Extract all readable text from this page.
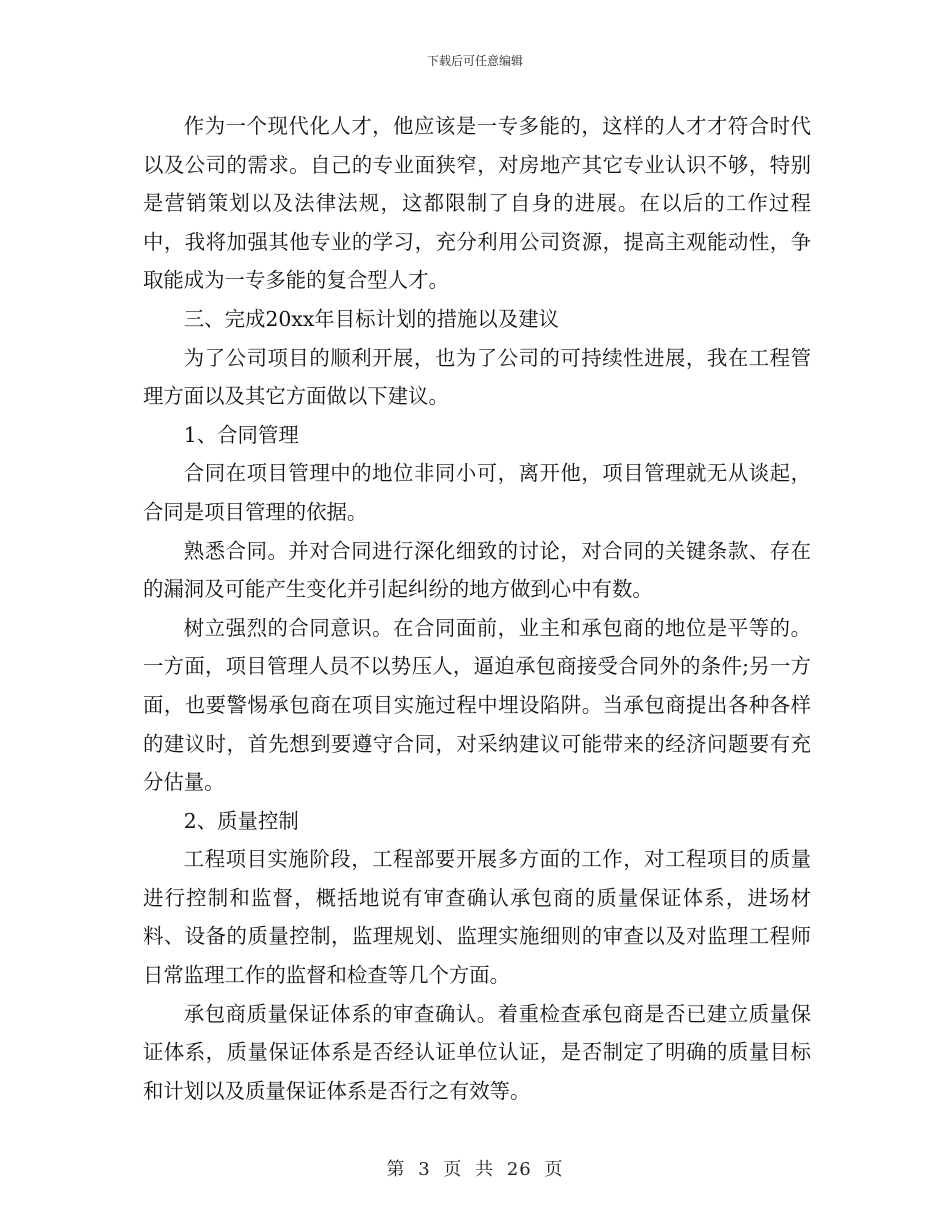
下载后可任意编辑

作为一个现代化人才，他应该是一专多能的，这样的人才才符合时代以及公司的需求。自己的专业面狭窄，对房地产其它专业认识不够，特别是营销策划以及法律法规，这都限制了自身的进展。在以后的工作过程中，我将加强其他专业的学习，充分利用公司资源，提高主观能动性，争取能成为一专多能的复合型人才。

三、完成20xx年目标计划的措施以及建议

为了公司项目的顺利开展，也为了公司的可持续性进展，我在工程管理方面以及其它方面做以下建议。

1、合同管理

合同在项目管理中的地位非同小可，离开他，项目管理就无从谈起，合同是项目管理的依据。

熟悉合同。并对合同进行深化细致的讨论，对合同的关键条款、存在的漏洞及可能产生变化并引起纠纷的地方做到心中有数。

树立强烈的合同意识。在合同面前，业主和承包商的地位是平等的。一方面，项目管理人员不以势压人，逼迫承包商接受合同外的条件;另一方面，也要警惕承包商在项目实施过程中埋设陷阱。当承包商提出各种各样的建议时，首先想到要遵守合同，对采纳建议可能带来的经济问题要有充分估量。

2、质量控制

工程项目实施阶段，工程部要开展多方面的工作，对工程项目的质量进行控制和监督，概括地说有审查确认承包商的质量保证体系，进场材料、设备的质量控制，监理规划、监理实施细则的审查以及对监理工程师日常监理工作的监督和检查等几个方面。

承包商质量保证体系的审查确认。着重检查承包商是否已建立质量保证体系，质量保证体系是否经认证单位认证，是否制定了明确的质量目标和计划以及质量保证体系是否行之有效等。

第 3 页 共 26 页
